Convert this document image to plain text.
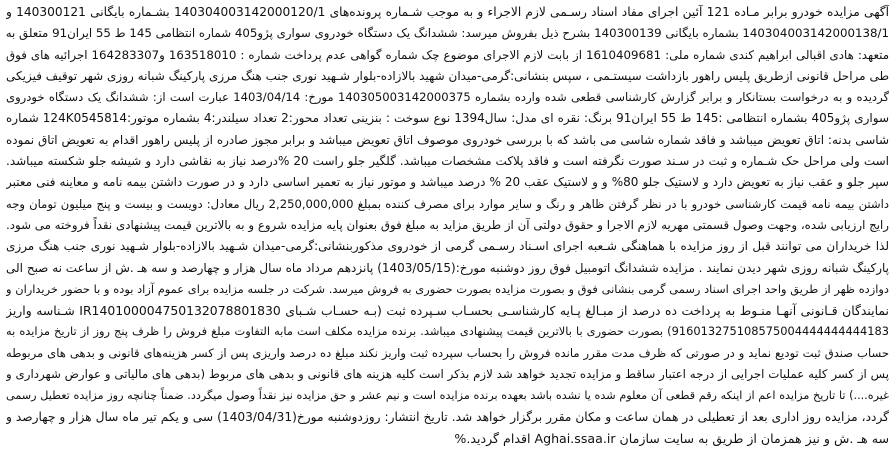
آگهی مزایده خودرو برابر مـاده 121 آئین اجرای مفاد اسناد رسـمی لازم الاجراء و به موجب شـماره پرونده‌های 140304003142000120/1 بشـماره بایگانی 140300121 و
140304003142000138/1 بشماره بایگانی 140300139 بشرح ذیل بفروش میرسد: ششدانگ یک دستگاه خودروی سواری پژو405 شماره انتظامی 145 ط 55 ایران91 متعلق به
متعهد: هادی اقبالی ابراهیم کندی شماره ملی: 1610409681 از بابت لازم الاجرای موضوع چک شماره گواهی عدم پرداخت شماره : 163518010 و164283307 اجرائیه های فوق
طی مراحل قانونی ازطریق پلیس راهور بازداشت سیستـمی ، سپس بنشانی:گرمی-میدان شهید بالازاده-بلوار شـهید نوری جنب هنگ مرزی پارکینگ شبانه روزی شهر توقیف فیزیکی
گردیده و به درخواست بستانکار و برابر گزارش کارشناسی قطعی شده وارده بشماره 140305003142000375 مورخ: 1403/04/14 عبارت است از: ششدانگ یک دستگاه خودروی
سواری پژو405 بشماره انتظامی :145 ط 55 ایران91 برنگ: نقره ای مدل: سال1394 نوع سوخت : بنزینی تعداد محور:2 تعداد سیلندر:4 بشماره موتور:124K0545814 شماره
شاسی بدنه: اتاق تعویض میباشد و فاقد شماره شاسی می باشد که با بررسی خودروی موصوف اتاق تعویض میباشد و برابر مجوز صادره از پلیس راهور اقدام به تعویض اتاق نموده
است ولی مراحل حک شـماره و ثبت در سـند صورت نگرفته است و فاقد پلاکت مشخصات میباشد. گلگیر جلو راست 20 %درصد نیاز به نقاشی دارد و شیشه جلو شکسته میباشد.
سپر جلو و عقب نیاز به تعویض دارد و لاستیک جلو 80% و و لاستیک عقب 20 % درصد میباشد و موتور نیاز به تعمیر اساسی دارد و در صورت داشتن بیمه نامه و معاینه فنی معتبر
داشتن بیمه نامه قیمت کارشناسی خودرو با در نظر گرفتن ظاهر و رنگ و سایر موارد برای مصرف کننده بمبلغ 2,250,000,000 ریال معادل: دویست و بیست و پنج میلیون تومان وجه
رایج ارزیابی شده، وجهت وصول قسمتی مهریه لازم الاجرا و حقوق دولتی آن از طریق مزاید به مبلغ فوق بعنوان پایه مزایده شروع و به بالاترین قیمت پیشنهادی نقداً فروخته می شود.
لذا خریداران می توانند قبل از روز مزایده با هماهنگی شـعبه اجرای اسـناد رسـمی گرمی از خودروی مذکوربنشانی:گرمی-میدان شـهید بالازاده-بلوار شـهید نوری جنب هنگ مرزی
پارکینگ شبانه روزی شهر دیدن نمایند . مزایده ششدانگ اتومبیل فوق روز دوشنبه مورخ:(1403/05/15) پانزدهم مرداد ماه سال هزار و چهارصد و سه هـ .ش از ساعت نه صبح الی
دوازده ظهر از طریق واحد اجرای اسناد رسمی گرمی بنشانی فوق و بصورت مزایده بصورت حضوری به فروش میرسد. شرکت در جلسه مزایده برای عموم آزاد بوده و با حضور خریداران و
نمایندگان قـانونی آنهـا منـوط به پرداخت ده درصد از مبـالغ پـایه کارشناسـی بحسـاب سـپرده ثبت (بـه حسـاب شـبای IR140100004750132078801830 شـناسه واریز
916013275108575004444444444183) بصورت حضوری با بالاترین قیمت پیشنهادی میباشد. برنده مزایده مکلف است مابه التفاوت مبلغ فروش را ظرف پنج روز از تاریخ مزایده به
حساب صندق ثبت تودیع نماید و در صورتی که ظرف مدت مقرر مانده فروش را بحساب سپرده ثبت واریز نکند مبلغ ده درصد واریزی پس از کسر هزینه‌های قانونی و بدهی های مربوطه
پس از کسر کلیه عملیات اجرایی از درجه اعتبار ساقط و مزایده تجدید خواهد شد لازم بذکر است کلیه هزینه های قانونی و بدهی های مربوط (بدهی های مالیاتی و عوارض شهرداری و
غیره....) تا تاریخ مزایده اعم از اینکه رقم قطعی آن معلوم شده یا نشده باشد بعهده برنده مزایده است و نیم عشر و حق مزایده نیز نقداً وصول میگردد. ضمناً چنانچه روز مزایده تعطیل رسمی
گردد، مزایده روز اداری بعد از تعطیلی در همان ساعت و مکان مقرر برگزار خواهد شد. تاریخ انتشار: روزدوشنبه مورخ(1403/04/31) سی و یکم تیر ماه سال هزار و چهارصد و
سه هـ .ش و نیز همزمان از طریق به سایت سازمان Aghai.ssaa.ir اقدام گردید.%
